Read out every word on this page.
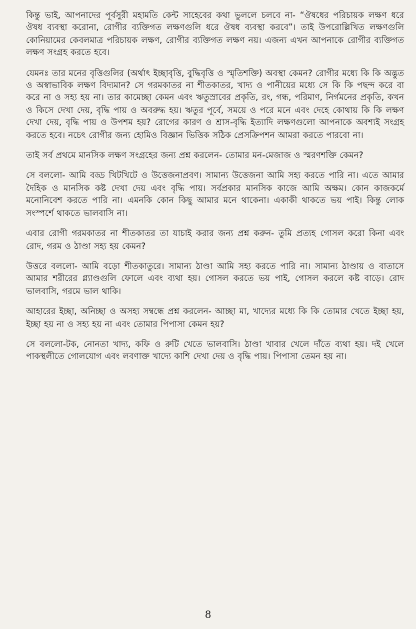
কিন্তু ভাই, আপনাদের পূর্বসুরী মহামতি কেন্ট সাহেবের কথা ভুললে চলবে না- “ঔষধের পরিচায়ক লক্ষণ ধরে ঔষধ ব্যবস্থা করোনা, রোগীর ব্যক্তিগত লক্ষণগুলি ধরে ঔষধ ব্যবস্থা করবে”। তাই উপরোল্লিখিত লক্ষণগুলি কোনিয়ামের কেবলমাত্র পরিচায়ক লক্ষণ, রোগীর ব্যক্তিগত লক্ষণ নয়। এজন্য এখন আপনাকে রোগীর ব্যক্তিগত লক্ষণ সংগ্রহ করতে হবে।

যেমনঃ তার মনের বৃত্তিগুলির (অর্থাৎ ইচ্ছাবৃত্তি, বুদ্ধিবৃত্তি ও স্মৃতিশক্তি) অবস্থা কেমন? রোগীর মধ্যে কি কি অদ্ভুত ও অস্বাভাবিক লক্ষণ বিদ্যমান? সে গরমকাতর না শীতকাতর, খাদ্য ও পানীয়ের মধ্যে সে কি কি পছন্দ করে বা করে না ও সহ্য হয় না। তার কামেচ্ছা কেমন এবং ঋতুস্রাবের প্রকৃতি, রং, গন্ধ, পরিমাণ, নির্গমনের প্রকৃতি, কখন ও কিসে দেখা দেয়, বৃদ্ধি পায় ও অবরুদ্ধ হয়। ঋতুর পূর্বে, সময়ে ও পরে মনে এবং দেহে কোথায় কি কি লক্ষণ দেখা দেয়, বৃদ্ধি পায় ও উপশম হয়? রোগের কারণ ও শ্রাস-বৃদ্ধি ইত্যাদি লক্ষণগুলো আপনাকে অবশ্যই সংগ্রহ করতে হবে। নচেৎ রোগীর জন্য হোমিও বিজ্ঞান ভিত্তিক সঠিক প্রেসক্রিপশন আমরা করতে পারবো না।

তাই সর্ব প্রথমে মানসিক লক্ষণ সংগ্রহের জন্য প্রশ্ন করলেন- তোমার মন-মেজাজ ও স্মরণশক্তি কেমন?

সে বললো- আমি বড্ড খিটখিটে ও উত্তেজনাপ্রবণ। সামান্য উত্তেজনা আমি সহ্য করতে পারি না। এতে আমার দৈহিক ও মানসিক কষ্ট দেখা দেয় এবং বৃদ্ধি পায়। সর্বপ্রকার মানসিক কাজে আমি অক্ষম। কোন কাজকর্মে মনোনিবেশ করতে পারি না। এমনকি কোন কিছু আমার মনে থাকেনা। একাকী থাকতে ভয় পাই। কিন্তু লোক সংস্পর্শে থাকতে ভালবাসি না।

এবার রোগী গরমকাতর না শীতকাতর তা যাচাই করার জন্য প্রশ্ন করুন- তুমি প্রত্যহ গোসল করো কিনা এবং রোদ, গরম ও ঠাণ্ডা সহ্য হয় কেমন?

উত্তরে বললো- আমি বড়ো শীতকাতুরে। সামান্য ঠাণ্ডা আমি সহ্য করতে পারি না। সামান্য ঠাণ্ডায় ও বাতাসে আমার শরীরের গ্ল্যাণ্ডগুলি ফোলে এবং ব্যথা হয়। গোসল করতে ভয় পাই, গোসল করলে কষ্ট বাড়ে। রোদ ভালবাসি, গরমে ভাল থাকি।

আহারের ইচ্ছা, অনিচ্ছা ও অসহ্য সম্বন্ধে প্রশ্ন করলেন- আচ্ছা মা, খাদ্যের মধ্যে কি কি তোমার খেতে ইচ্ছা হয়, ইচ্ছা হয় না ও সহ্য হয় না এবং তোমার পিপাসা কেমন হয়?

সে বললো-টক, নোনতা খাদ্য, কফি ও রুটি খেতে ভালবাসি। ঠাণ্ডা খাবার খেলে দাঁতে ব্যথা হয়। দই খেলে পাকস্থলীতে গোলযোগ এবং লবণাক্ত খাদ্যে কাশি দেখা দেয় ও বৃদ্ধি পায়। পিপাসা তেমন হয় না।

8
